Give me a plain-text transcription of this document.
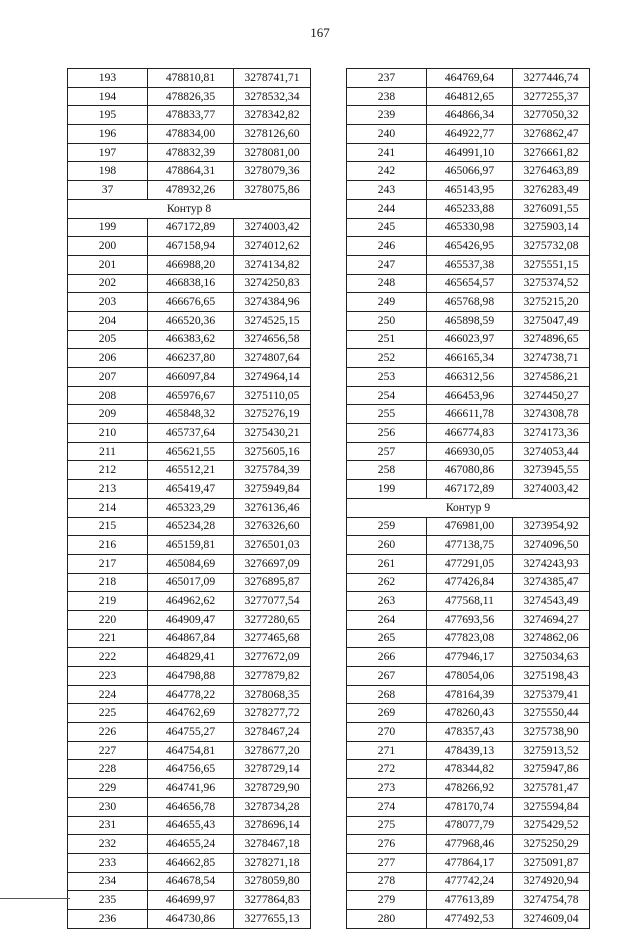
167
193	478810,81	3278741,71
194	478826,35	3278532,34
195	478833,77	3278342,82
196	478834,00	3278126,60
197	478832,39	3278081,00
198	478864,31	3278079,36
37	478932,26	3278075,86
Контур 8		
199	467172,89	3274003,42
200	467158,94	3274012,62
201	466988,20	3274134,82
202	466838,16	3274250,83
203	466676,65	3274384,96
204	466520,36	3274525,15
205	466383,62	3274656,58
206	466237,80	3274807,64
207	466097,84	3274964,14
208	465976,67	3275110,05
209	465848,32	3275276,19
210	465737,64	3275430,21
211	465621,55	3275605,16
212	465512,21	3275784,39
213	465419,47	3275949,84
214	465323,29	3276136,46
215	465234,28	3276326,60
216	465159,81	3276501,03
217	465084,69	3276697,09
218	465017,09	3276895,87
219	464962,62	3277077,54
220	464909,47	3277280,65
221	464867,84	3277465,68
222	464829,41	3277672,09
223	464798,88	3277879,82
224	464778,22	3278068,35
225	464762,69	3278277,72
226	464755,27	3278467,24
227	464754,81	3278677,20
228	464756,65	3278729,14
229	464741,96	3278729,90
230	464656,78	3278734,28
231	464655,43	3278696,14
232	464655,24	3278467,18
233	464662,85	3278271,18
234	464678,54	3278059,80
235	464699,97	3277864,83
236	464730,86	3277655,13
237	464769,64	3277446,74
238	464812,65	3277255,37
239	464866,34	3277050,32
240	464922,77	3276862,47
241	464991,10	3276661,82
242	465066,97	3276463,89
243	465143,95	3276283,49
244	465233,88	3276091,55
245	465330,98	3275903,14
246	465426,95	3275732,08
247	465537,38	3275551,15
248	465654,57	3275374,52
249	465768,98	3275215,20
250	465898,59	3275047,49
251	466023,97	3274896,65
252	466165,34	3274738,71
253	466312,56	3274586,21
254	466453,96	3274450,27
255	466611,78	3274308,78
256	466774,83	3274173,36
257	466930,05	3274053,44
258	467080,86	3273945,55
199	467172,89	3274003,42
Контур 9		
259	476981,00	3273954,92
260	477138,75	3274096,50
261	477291,05	3274243,93
262	477426,84	3274385,47
263	477568,11	3274543,49
264	477693,56	3274694,27
265	477823,08	3274862,06
266	477946,17	3275034,63
267	478054,06	3275198,43
268	478164,39	3275379,41
269	478260,43	3275550,44
270	478357,43	3275738,90
271	478439,13	3275913,52
272	478344,82	3275947,86
273	478266,92	3275781,47
274	478170,74	3275594,84
275	478077,79	3275429,52
276	477968,46	3275250,29
277	477864,17	3275091,87
278	477742,24	3274920,94
279	477613,89	3274754,78
280	477492,53	3274609,04
